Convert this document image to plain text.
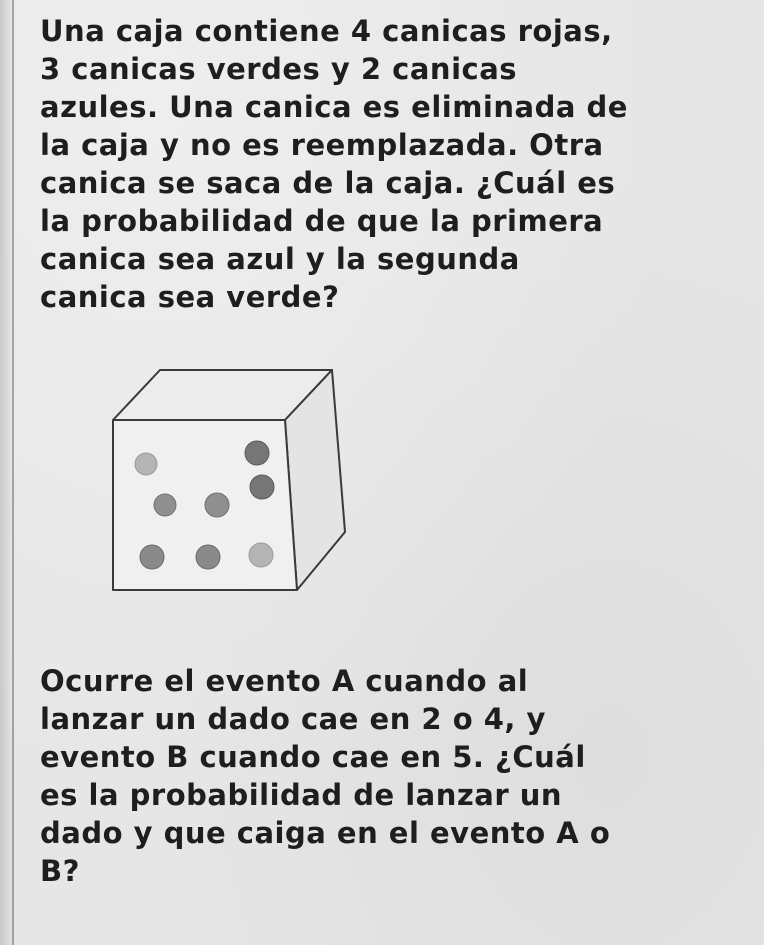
Una caja contiene 4 canicas rojas,
3 canicas verdes y 2 canicas
azules. Una canica es eliminada de
la caja y no es reemplazada. Otra
canica se saca de la caja. ¿Cuál es
la probabilidad de que la primera
canica sea azul y la segunda
canica sea verde?

Ocurre el evento A cuando al
lanzar un dado cae en 2 o 4, y
evento B cuando cae en 5. ¿Cuál
es la probabilidad de lanzar un
dado y que caiga en el evento A o
B?
